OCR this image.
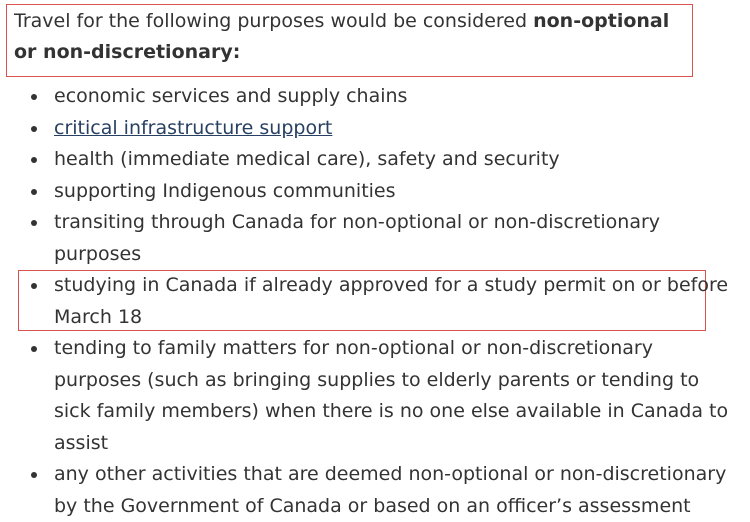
Travel for the following purposes would be considered non-optional or non-discretionary:

economic services and supply chains
critical infrastructure support
health (immediate medical care), safety and security
supporting Indigenous communities
transiting through Canada for non-optional or non-discretionary purposes
studying in Canada if already approved for a study permit on or before March 18
tending to family matters for non-optional or non-discretionary purposes (such as bringing supplies to elderly parents or tending to sick family members) when there is no one else available in Canada to assist
any other activities that are deemed non-optional or non-discretionary by the Government of Canada or based on an officer’s assessment
